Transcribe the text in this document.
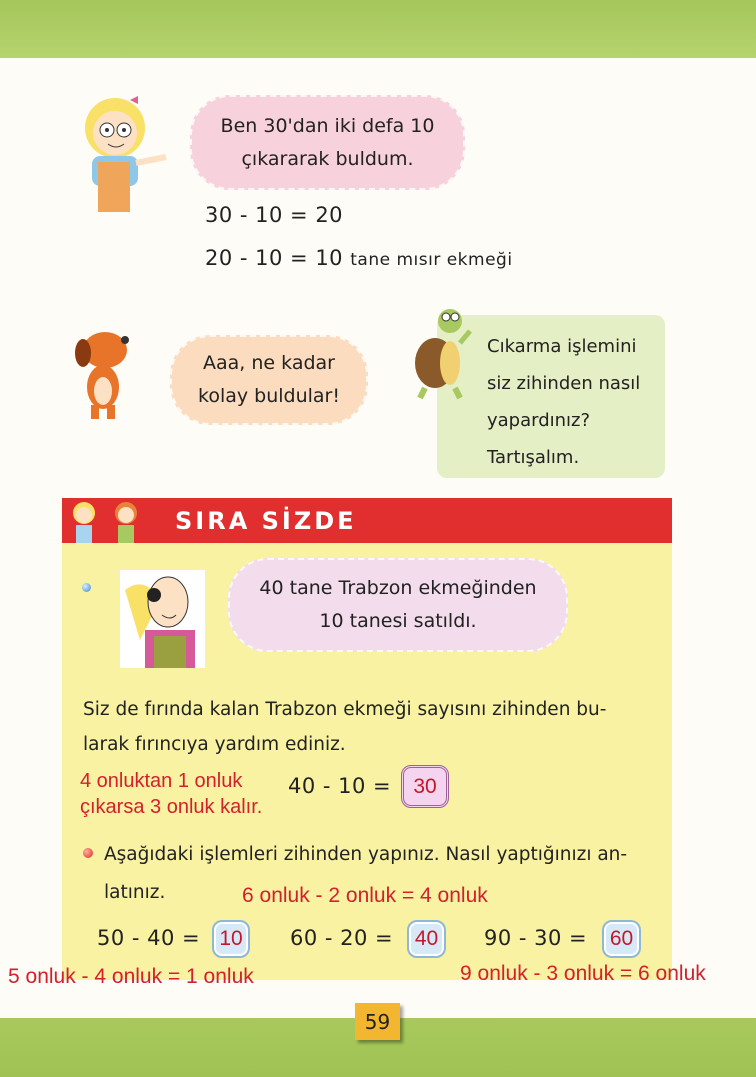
Ben 30'dan iki defa 10
çıkararak buldum.
30 - 10 = 20
20 - 10 = 10 tane mısır ekmeği
Aaa, ne kadar
kolay buldular!
Cıkarma işlemini
siz zihinden nasıl
yapardınız?
Tartışalım.
SIRA SİZDE
40 tane Trabzon ekmeğinden
10 tanesi satıldı.
Siz de fırında kalan Trabzon ekmeği sayısını zihinden bu-
larak fırıncıya yardım ediniz.
4 onluktan 1 onluk
çıkarsa 3 onluk kalır.
40 - 10 =	30
Aşağıdaki işlemleri zihinden yapınız. Nasıl yaptığınızı an-
latınız.	6 onluk - 2 onluk = 4 onluk
50 - 40 = 10	60 - 20 =	40	90 - 30 =	60
5 onluk - 4 onluk = 1 onluk	9 onluk - 3 onluk = 6 onluk
59
